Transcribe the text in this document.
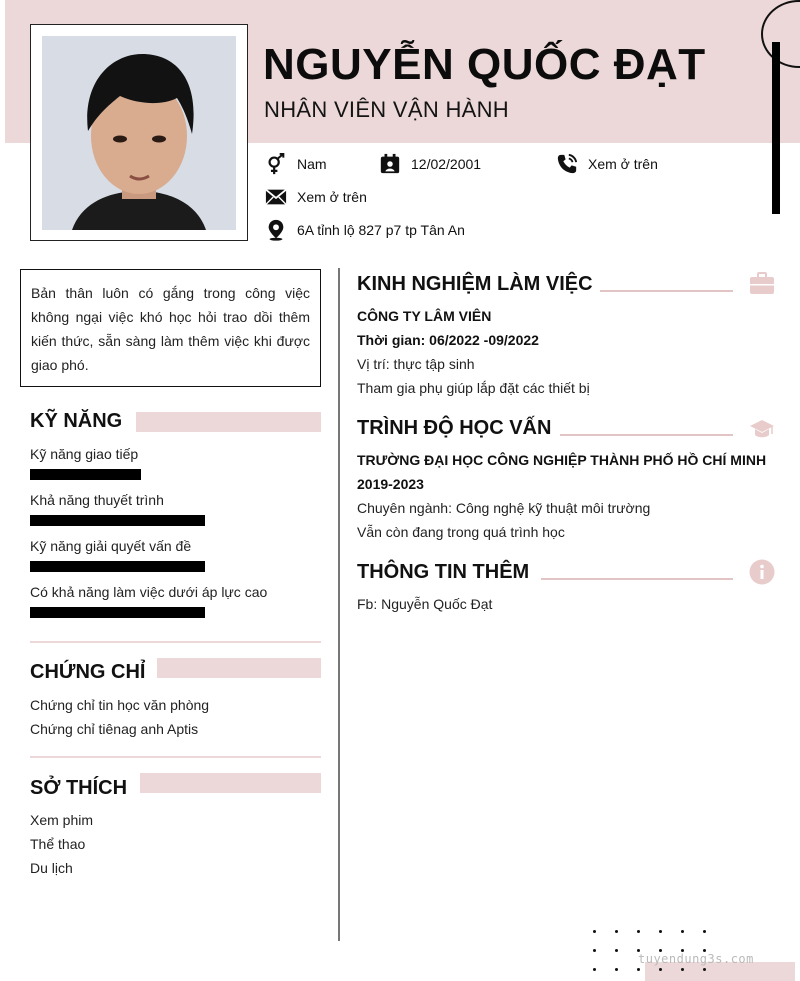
NGUYỄN QUỐC ĐẠT
NHÂN VIÊN VẬN HÀNH
Nam	12/02/2001	Xem ở trên
Xem ở trên
6A tỉnh lộ 827 p7 tp Tân An
Bản thân luôn có gắng trong công việc không ngại việc khó học hỏi trao dồi thêm kiến thức, sẵn sàng làm thêm việc khi được giao phó.
KỸ NĂNG
Kỹ năng giao tiếp
Khả năng thuyết trình
Kỹ năng giải quyết vấn đề
Có khả năng làm việc dưới áp lực cao
CHỨNG CHỈ
Chứng chỉ tin học văn phòng
Chứng chỉ tiênag anh Aptis
SỞ THÍCH
Xem phim
Thể thao
Du lịch
KINH NGHIỆM LÀM VIỆC
CÔNG TY LÂM VIÊN
Thời gian: 06/2022 -09/2022
Vị trí: thực tập sinh
Tham gia phụ giúp lắp đặt các thiết bị
TRÌNH ĐỘ HỌC VẤN
TRƯỜNG ĐẠI HỌC CÔNG NGHIỆP THÀNH PHỐ HỒ CHÍ MINH
2019-2023
Chuyên ngành: Công nghệ kỹ thuật môi trường
Vẫn còn đang trong quá trình học
THÔNG TIN THÊM
Fb: Nguyễn Quốc Đạt
tuyendung3s.com
